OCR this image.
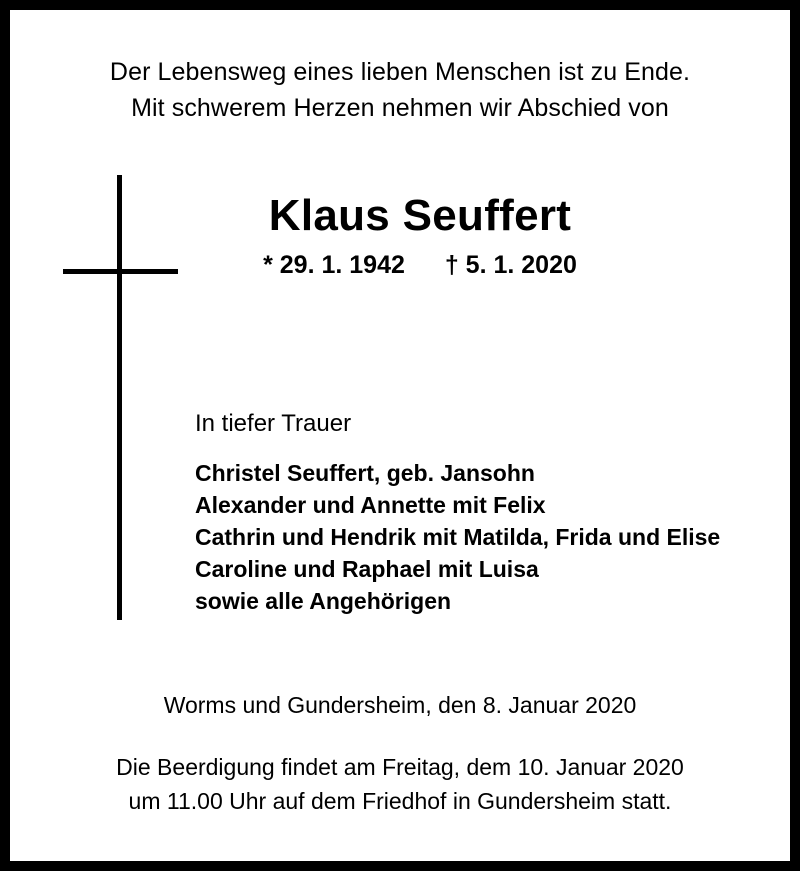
Der Lebensweg eines lieben Menschen ist zu Ende.
Mit schwerem Herzen nehmen wir Abschied von
Klaus Seuffert
* 29. 1. 1942 † 5. 1. 2020
In tiefer Trauer
Christel Seuffert, geb. Jansohn
Alexander und Annette mit Felix
Cathrin und Hendrik mit Matilda, Frida und Elise
Caroline und Raphael mit Luisa
sowie alle Angehörigen
Worms und Gundersheim, den 8. Januar 2020
Die Beerdigung findet am Freitag, dem 10. Januar 2020
um 11.00 Uhr auf dem Friedhof in Gundersheim statt.
